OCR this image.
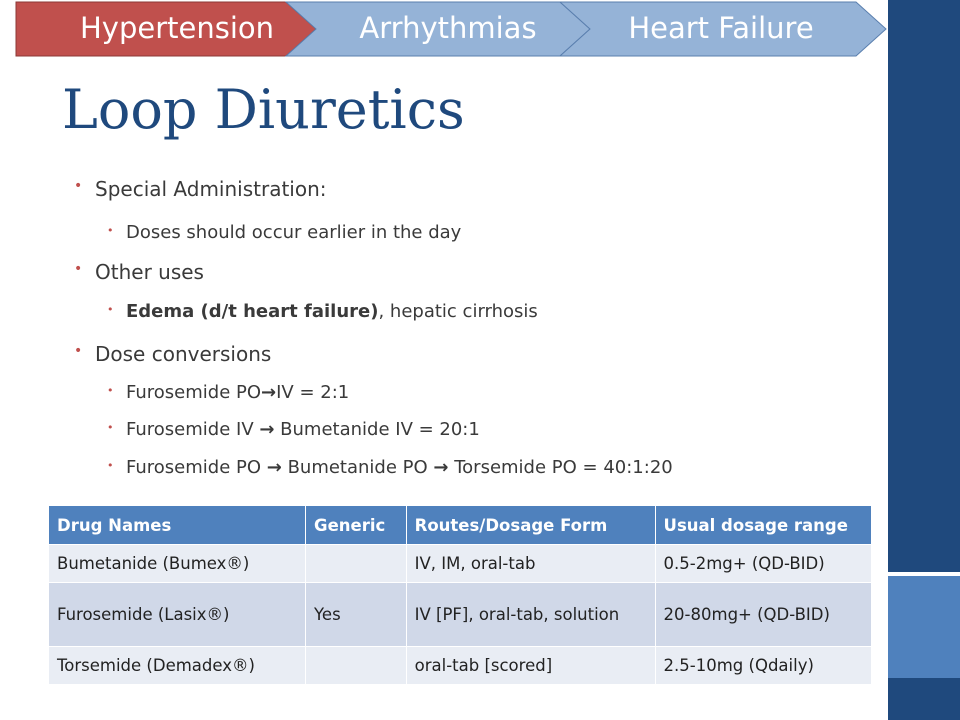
Hypertension	Arrhythmias	Heart Failure
Loop Diuretics
• Special Administration:
• Doses should occur earlier in the day
• Other uses
• Edema (d/t heart failure), hepatic cirrhosis
• Dose conversions
• Furosemide PO→IV = 2:1
• Furosemide IV → Bumetanide IV = 20:1
• Furosemide PO → Bumetanide PO → Torsemide PO = 40:1:20
Drug Names	Generic	Routes/Dosage Form	Usual dosage range
Bumetanide (Bumex®)		IV, IM, oral-tab	0.5-2mg+ (QD-BID)
Furosemide (Lasix®)	Yes	IV [PF], oral-tab, solution	20-80mg+ (QD-BID)
Torsemide (Demadex®)		oral-tab [scored]	2.5-10mg (Qdaily)
